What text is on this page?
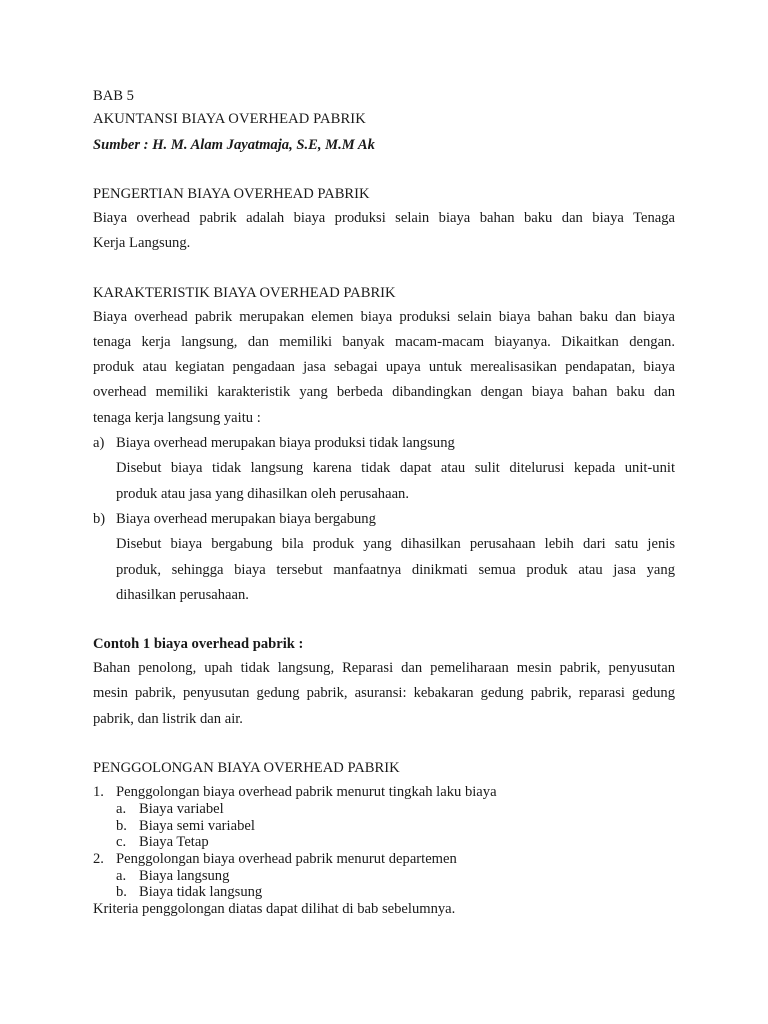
BAB 5
AKUNTANSI BIAYA OVERHEAD PABRIK
Sumber : H. M. Alam Jayatmaja, S.E, M.M Ak
PENGERTIAN BIAYA OVERHEAD PABRIK
Biaya overhead pabrik adalah biaya produksi selain biaya bahan baku dan biaya Tenaga
Kerja Langsung.
KARAKTERISTIK BIAYA OVERHEAD PABRIK
Biaya overhead pabrik merupakan elemen biaya produksi selain biaya bahan baku dan biaya
tenaga kerja langsung, dan memiliki banyak macam-macam biayanya. Dikaitkan dengan.
produk atau kegiatan pengadaan jasa sebagai upaya untuk merealisasikan pendapatan, biaya
overhead memiliki karakteristik yang berbeda dibandingkan dengan biaya bahan baku dan
tenaga kerja langsung yaitu :
a) Biaya overhead merupakan biaya produksi tidak langsung
Disebut biaya tidak langsung karena tidak dapat atau sulit ditelurusi kepada unit-unit
produk atau jasa yang dihasilkan oleh perusahaan.
b) Biaya overhead merupakan biaya bergabung
Disebut biaya bergabung bila produk yang dihasilkan perusahaan lebih dari satu jenis
produk, sehingga biaya tersebut manfaatnya dinikmati semua produk atau jasa yang
dihasilkan perusahaan.
Contoh 1 biaya overhead pabrik :
Bahan penolong, upah tidak langsung, Reparasi dan pemeliharaan mesin pabrik, penyusutan
mesin pabrik, penyusutan gedung pabrik, asuransi: kebakaran gedung pabrik, reparasi gedung
pabrik, dan listrik dan air.
PENGGOLONGAN BIAYA OVERHEAD PABRIK
1. Penggolongan biaya overhead pabrik menurut tingkah laku biaya
a. Biaya variabel
b. Biaya semi variabel
c. Biaya Tetap
2. Penggolongan biaya overhead pabrik menurut departemen
a. Biaya langsung
b. Biaya tidak langsung
Kriteria penggolongan diatas dapat dilihat di bab sebelumnya.
